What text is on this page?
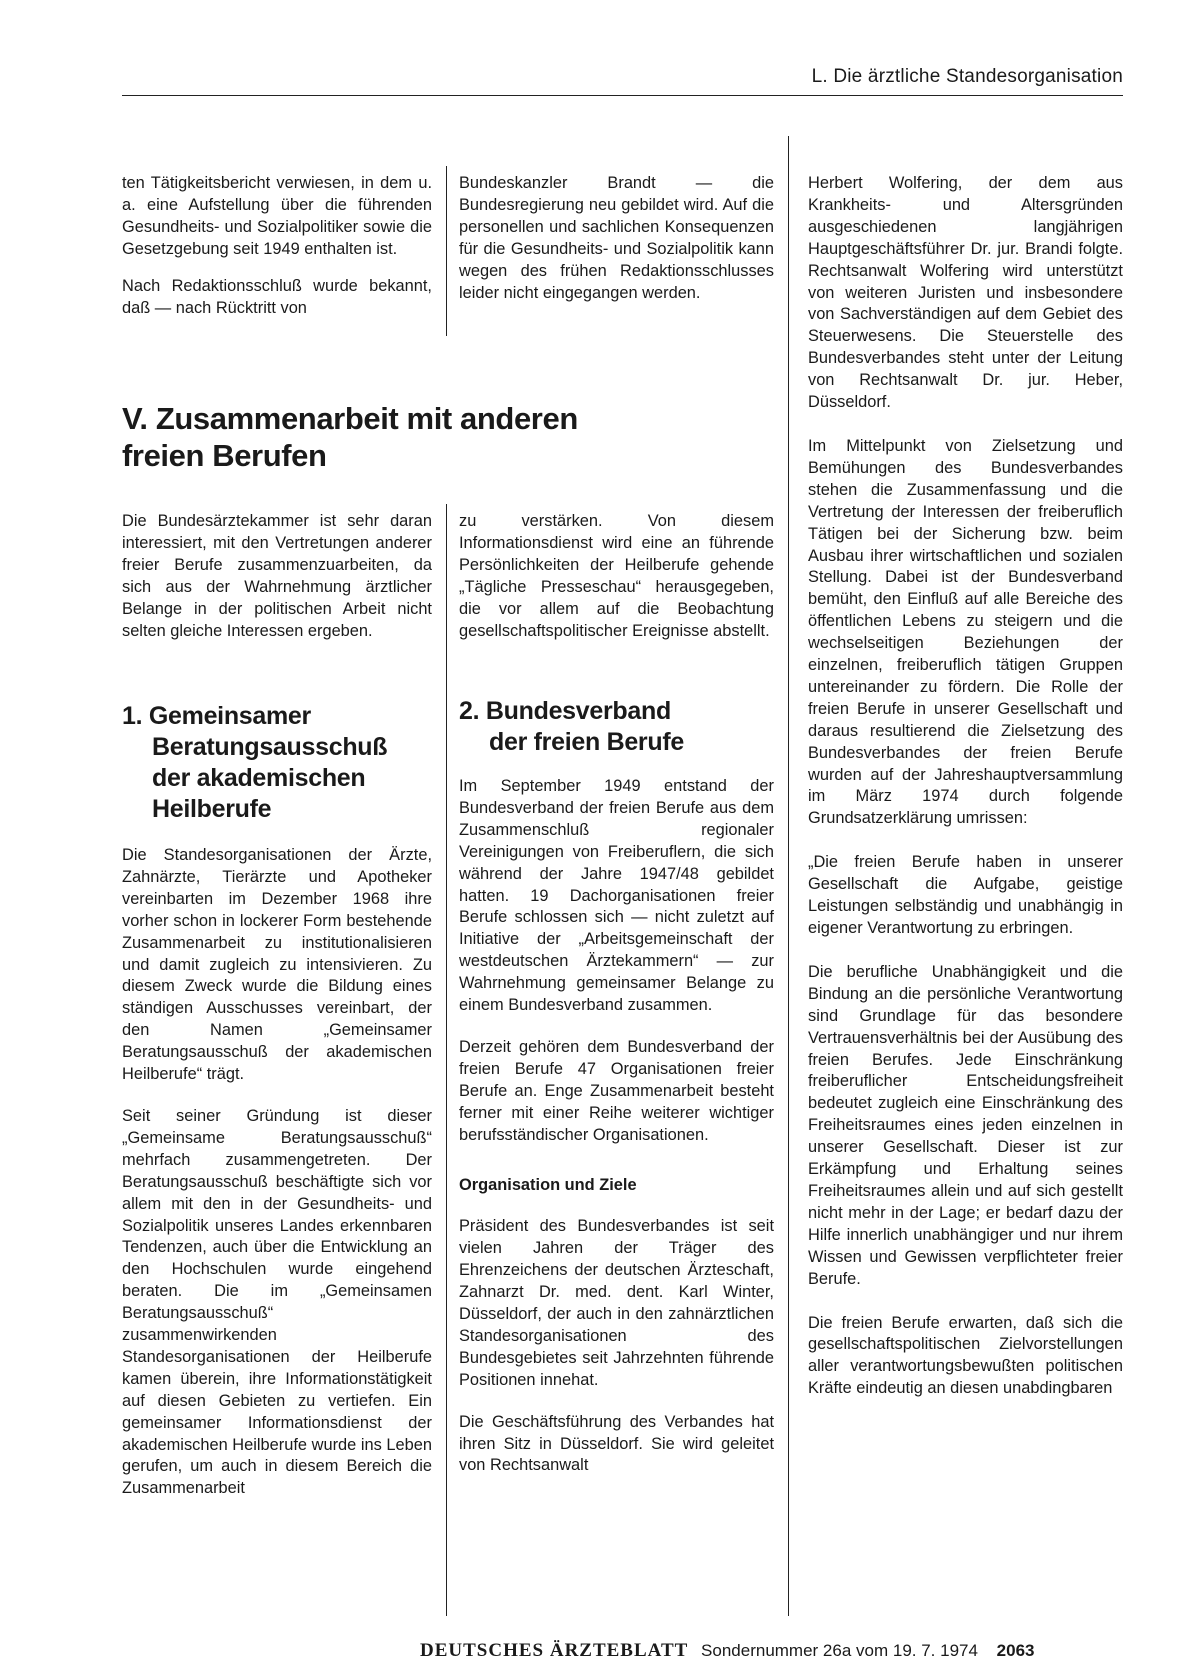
L. Die ärztliche Standesorganisation

ten Tätigkeitsbericht verwiesen, in dem u. a. eine Aufstellung über die führenden Gesundheits- und Sozialpolitiker sowie die Gesetzgebung seit 1949 enthalten ist.

Nach Redaktionsschluß wurde bekannt, daß — nach Rücktritt von

Bundeskanzler Brandt — die Bundesregierung neu gebildet wird. Auf die personellen und sachlichen Konsequenzen für die Gesundheits- und Sozialpolitik kann wegen des frühen Redaktionsschlusses leider nicht eingegangen werden.

V. Zusammenarbeit mit anderen
freien Berufen

Die Bundesärztekammer ist sehr daran interessiert, mit den Vertretungen anderer freier Berufe zusammenzuarbeiten, da sich aus der Wahrnehmung ärztlicher Belange in der politischen Arbeit nicht selten gleiche Interessen ergeben.

1. Gemeinsamer
Beratungsausschuß
der akademischen
Heilberufe

Die Standesorganisationen der Ärzte, Zahnärzte, Tierärzte und Apotheker vereinbarten im Dezember 1968 ihre vorher schon in lockerer Form bestehende Zusammenarbeit zu institutionalisieren und damit zugleich zu intensivieren. Zu diesem Zweck wurde die Bildung eines ständigen Ausschusses vereinbart, der den Namen „Gemeinsamer Beratungsausschuß der akademischen Heilberufe“ trägt.

Seit seiner Gründung ist dieser „Gemeinsame Beratungsausschuß“ mehrfach zusammengetreten. Der Beratungsausschuß beschäftigte sich vor allem mit den in der Gesundheits- und Sozialpolitik unseres Landes erkennbaren Tendenzen, auch über die Entwicklung an den Hochschulen wurde eingehend beraten. Die im „Gemeinsamen Beratungsausschuß“ zusammenwirkenden Standesorganisationen der Heilberufe kamen überein, ihre Informationstätigkeit auf diesen Gebieten zu vertiefen. Ein gemeinsamer Informationsdienst der akademischen Heilberufe wurde ins Leben gerufen, um auch in diesem Bereich die Zusammenarbeit

zu verstärken. Von diesem Informationsdienst wird eine an führende Persönlichkeiten der Heilberufe gehende „Tägliche Presseschau“ herausgegeben, die vor allem auf die Beobachtung gesellschaftspolitischer Ereignisse abstellt.

2. Bundesverband
der freien Berufe

Im September 1949 entstand der Bundesverband der freien Berufe aus dem Zusammenschluß regionaler Vereinigungen von Freiberuflern, die sich während der Jahre 1947/48 gebildet hatten. 19 Dachorganisationen freier Berufe schlossen sich — nicht zuletzt auf Initiative der „Arbeitsgemeinschaft der westdeutschen Ärztekammern“ — zur Wahrnehmung gemeinsamer Belange zu einem Bundesverband zusammen.

Derzeit gehören dem Bundesverband der freien Berufe 47 Organisationen freier Berufe an. Enge Zusammenarbeit besteht ferner mit einer Reihe weiterer wichtiger berufsständischer Organisationen.

Organisation und Ziele

Präsident des Bundesverbandes ist seit vielen Jahren der Träger des Ehrenzeichens der deutschen Ärzteschaft, Zahnarzt Dr. med. dent. Karl Winter, Düsseldorf, der auch in den zahnärztlichen Standesorganisationen des Bundesgebietes seit Jahrzehnten führende Positionen innehat.

Die Geschäftsführung des Verbandes hat ihren Sitz in Düsseldorf. Sie wird geleitet von Rechtsanwalt

Herbert Wolfering, der dem aus Krankheits- und Altersgründen ausgeschiedenen langjährigen Hauptgeschäftsführer Dr. jur. Brandi folgte. Rechtsanwalt Wolfering wird unterstützt von weiteren Juristen und insbesondere von Sachverständigen auf dem Gebiet des Steuerwesens. Die Steuerstelle des Bundesverbandes steht unter der Leitung von Rechtsanwalt Dr. jur. Heber, Düsseldorf.

Im Mittelpunkt von Zielsetzung und Bemühungen des Bundesverbandes stehen die Zusammenfassung und die Vertretung der Interessen der freiberuflich Tätigen bei der Sicherung bzw. beim Ausbau ihrer wirtschaftlichen und sozialen Stellung. Dabei ist der Bundesverband bemüht, den Einfluß auf alle Bereiche des öffentlichen Lebens zu steigern und die wechselseitigen Beziehungen der einzelnen, freiberuflich tätigen Gruppen untereinander zu fördern. Die Rolle der freien Berufe in unserer Gesellschaft und daraus resultierend die Zielsetzung des Bundesverbandes der freien Berufe wurden auf der Jahreshauptversammlung im März 1974 durch folgende Grundsatzerklärung umrissen:

„Die freien Berufe haben in unserer Gesellschaft die Aufgabe, geistige Leistungen selbständig und unabhängig in eigener Verantwortung zu erbringen.

Die berufliche Unabhängigkeit und die Bindung an die persönliche Verantwortung sind Grundlage für das besondere Vertrauensverhältnis bei der Ausübung des freien Berufes. Jede Einschränkung freiberuflicher Entscheidungsfreiheit bedeutet zugleich eine Einschränkung des Freiheitsraumes eines jeden einzelnen in unserer Gesellschaft. Dieser ist zur Erkämpfung und Erhaltung seines Freiheitsraumes allein und auf sich gestellt nicht mehr in der Lage; er bedarf dazu der Hilfe innerlich unabhängiger und nur ihrem Wissen und Gewissen verpflichteter freier Berufe.

Die freien Berufe erwarten, daß sich die gesellschaftspolitischen Zielvorstellungen aller verantwortungsbewußten politischen Kräfte eindeutig an diesen unabdingbaren

DEUTSCHES ÄRZTEBLATT Sondernummer 26a vom 19. 7. 1974 2063
